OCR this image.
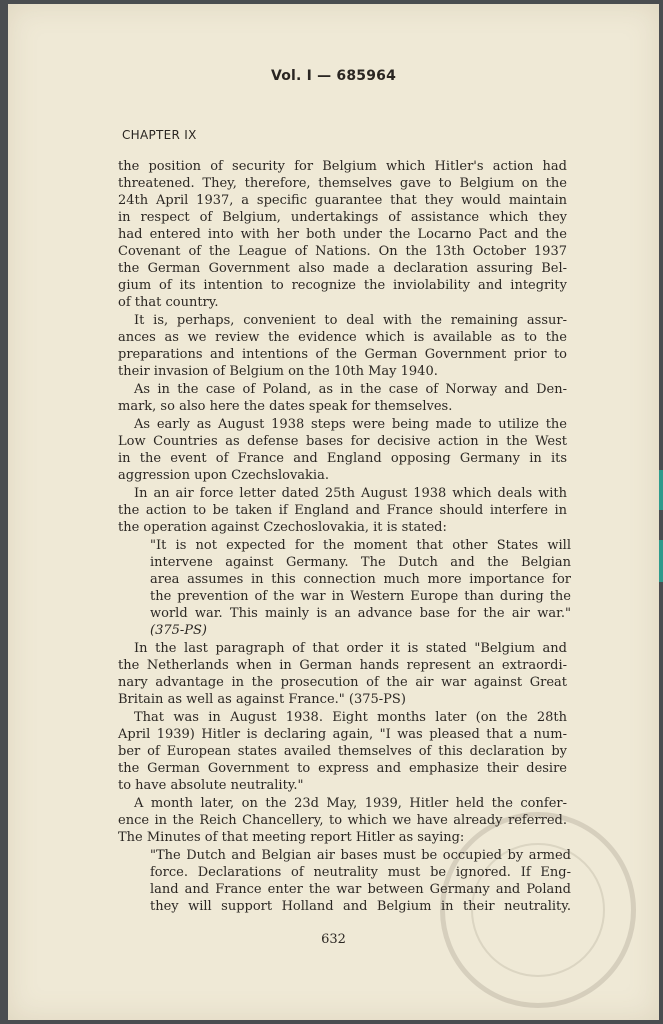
Vol. I — 685964
CHAPTER IX
the position of security for Belgium which Hitler's action had
threatened. They, therefore, themselves gave to Belgium on the
24th April 1937, a specific guarantee that they would maintain
in respect of Belgium, undertakings of assistance which they
had entered into with her both under the Locarno Pact and the
Covenant of the League of Nations. On the 13th October 1937
the German Government also made a declaration assuring Bel-
gium of its intention to recognize the inviolability and integrity
of that country.
It is, perhaps, convenient to deal with the remaining assur-
ances as we review the evidence which is available as to the
preparations and intentions of the German Government prior to
their invasion of Belgium on the 10th May 1940.
As in the case of Poland, as in the case of Norway and Den-
mark, so also here the dates speak for themselves.
As early as August 1938 steps were being made to utilize the
Low Countries as defense bases for decisive action in the West
in the event of France and England opposing Germany in its
aggression upon Czechslovakia.
In an air force letter dated 25th August 1938 which deals with
the action to be taken if England and France should interfere in
the operation against Czechoslovakia, it is stated:
"It is not expected for the moment that other States will
intervene against Germany. The Dutch and the Belgian
area assumes in this connection much more importance for
the prevention of the war in Western Europe than during the
world war. This mainly is an advance base for the air war."
(375-PS)
In the last paragraph of that order it is stated "Belgium and
the Netherlands when in German hands represent an extraordi-
nary advantage in the prosecution of the air war against Great
Britain as well as against France." (375-PS)
That was in August 1938. Eight months later (on the 28th
April 1939) Hitler is declaring again, "I was pleased that a num-
ber of European states availed themselves of this declaration by
the German Government to express and emphasize their desire
to have absolute neutrality."
A month later, on the 23d May, 1939, Hitler held the confer-
ence in the Reich Chancellery, to which we have already referred.
The Minutes of that meeting report Hitler as saying:
"The Dutch and Belgian air bases must be occupied by armed
force. Declarations of neutrality must be ignored. If Eng-
land and France enter the war between Germany and Poland
they will support Holland and Belgium in their neutrality.
632
